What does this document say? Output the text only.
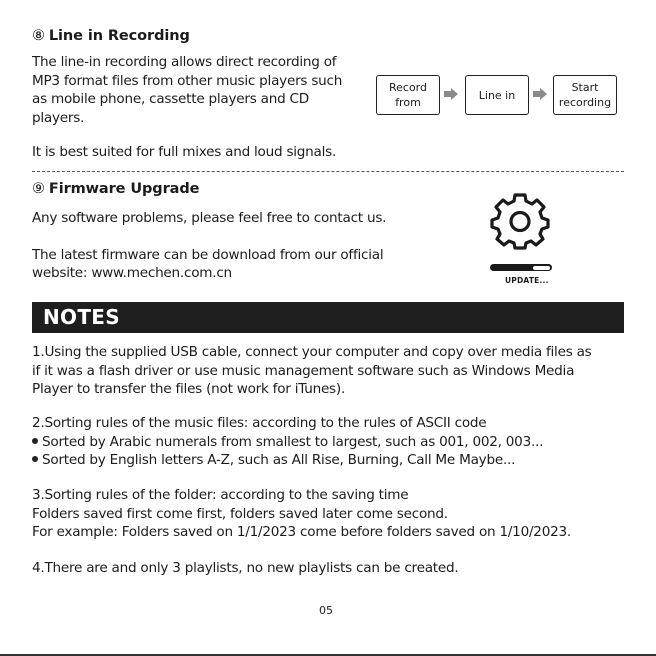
⑧ Line in Recording
The line-in recording allows direct recording of
MP3 format files from other music players such
as mobile phone, cassette players and CD
players.
It is best suited for full mixes and loud signals.
Record
from
Line in
Start
recording
⑨ Firmware Upgrade
Any software problems, please feel free to contact us.
The latest firmware can be download from our official
website: www.mechen.com.cn	UPDATE...
NOTES
1.Using the supplied USB cable, connect your computer and copy over media files as
if it was a flash driver or use music management software such as Windows Media
Player to transfer the files (not work for iTunes).
2.Sorting rules of the music files: according to the rules of ASCII code
Sorted by Arabic numerals from smallest to largest, such as 001, 002, 003...
Sorted by English letters A-Z, such as All Rise, Burning, Call Me Maybe...
3.Sorting rules of the folder: according to the saving time
Folders saved first come first, folders saved later come second.
For example: Folders saved on 1/1/2023 come before folders saved on 1/10/2023.
4.There are and only 3 playlists, no new playlists can be created.
05
